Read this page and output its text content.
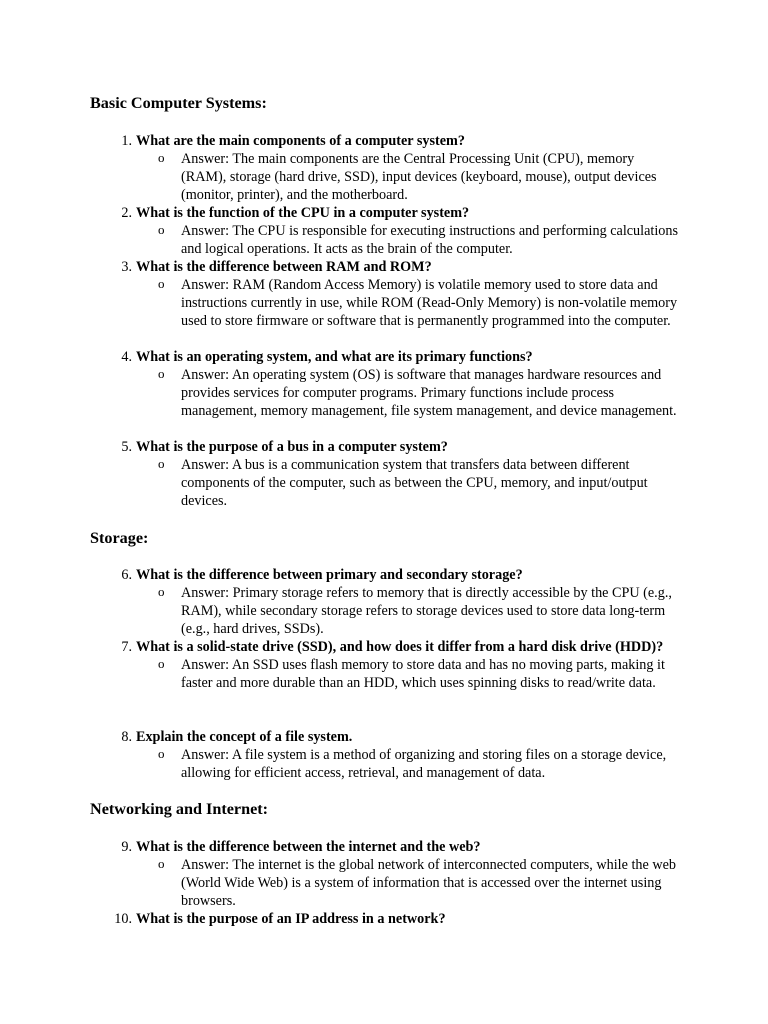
Basic Computer Systems:
1. What are the main components of a computer system?
o Answer: The main components are the Central Processing Unit (CPU), memory (RAM), storage (hard drive, SSD), input devices (keyboard, mouse), output devices (monitor, printer), and the motherboard.
2. What is the function of the CPU in a computer system?
o Answer: The CPU is responsible for executing instructions and performing calculations and logical operations. It acts as the brain of the computer.
3. What is the difference between RAM and ROM?
o Answer: RAM (Random Access Memory) is volatile memory used to store data and instructions currently in use, while ROM (Read-Only Memory) is non-volatile memory used to store firmware or software that is permanently programmed into the computer.
4. What is an operating system, and what are its primary functions?
o Answer: An operating system (OS) is software that manages hardware resources and provides services for computer programs. Primary functions include process management, memory management, file system management, and device management.
5. What is the purpose of a bus in a computer system?
o Answer: A bus is a communication system that transfers data between different components of the computer, such as between the CPU, memory, and input/output devices.
Storage:
6. What is the difference between primary and secondary storage?
o Answer: Primary storage refers to memory that is directly accessible by the CPU (e.g., RAM), while secondary storage refers to storage devices used to store data long-term (e.g., hard drives, SSDs).
7. What is a solid-state drive (SSD), and how does it differ from a hard disk drive (HDD)?
o Answer: An SSD uses flash memory to store data and has no moving parts, making it faster and more durable than an HDD, which uses spinning disks to read/write data.
8. Explain the concept of a file system.
o Answer: A file system is a method of organizing and storing files on a storage device, allowing for efficient access, retrieval, and management of data.
Networking and Internet:
9. What is the difference between the internet and the web?
o Answer: The internet is the global network of interconnected computers, while the web (World Wide Web) is a system of information that is accessed over the internet using browsers.
10. What is the purpose of an IP address in a network?
